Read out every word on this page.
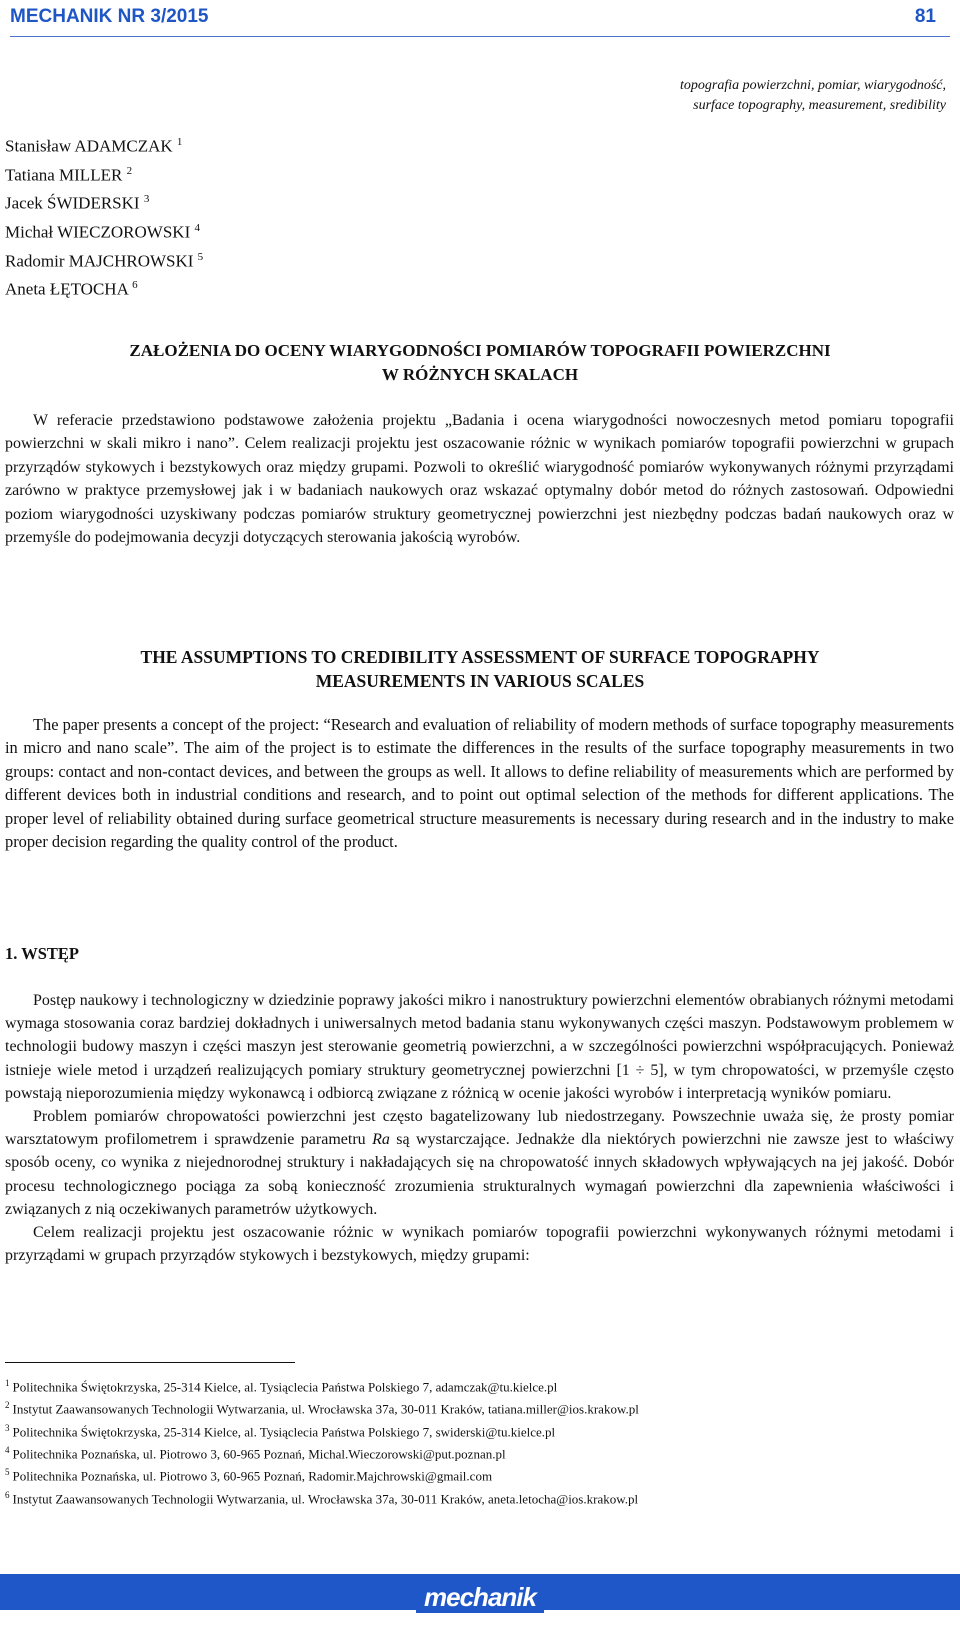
MECHANIK NR 3/2015	81
topografia powierzchni, pomiar, wiarygodność,
surface topography, measurement, sredibility
Stanisław ADAMCZAK $^1$
Tatiana MILLER $^2$
Jacek ŚWIDERSKI $^3$
Michał WIECZOROWSKI $^4$
Radomir MAJCHROWSKI $^5$
Aneta ŁĘTOCHA $^6$
ZAŁOŻENIA DO OCENY WIARYGODNOŚCI POMIARÓW TOPOGRAFII POWIERZCHNI
W RÓŻNYCH SKALACH

W referacie przedstawiono podstawowe założenia projektu „Badania i ocena wiarygodności nowoczesnych metod pomiaru topografii powierzchni w skali mikro i nano”. Celem realizacji projektu jest oszacowanie różnic w wynikach pomiarów topografii powierzchni w grupach przyrządów stykowych i bezstykowych oraz między grupami. Pozwoli to określić wiarygodność pomiarów wykonywanych różnymi przyrządami zarówno w praktyce przemysłowej jak i w badaniach naukowych oraz wskazać optymalny dobór metod do różnych zastosowań. Odpowiedni poziom wiarygodności uzyskiwany podczas pomiarów struktury geometrycznej powierzchni jest niezbędny podczas badań naukowych oraz w przemyśle do podejmowania decyzji dotyczących sterowania jakością wyrobów.

THE ASSUMPTIONS TO CREDIBILITY ASSESSMENT OF SURFACE TOPOGRAPHY
MEASUREMENTS IN VARIOUS SCALES

The paper presents a concept of the project: “Research and evaluation of reliability of modern methods of surface topography measurements in micro and nano scale”. The aim of the project is to estimate the differences in the results of the surface topography measurements in two groups: contact and non-contact devices, and between the groups as well. It allows to define reliability of measurements which are performed by different devices both in industrial conditions and research, and to point out optimal selection of the methods for different applications. The proper level of reliability obtained during surface geometrical structure measurements is necessary during research and in the industry to make proper decision regarding the quality control of the product.

1. WSTĘP

Postęp naukowy i technologiczny w dziedzinie poprawy jakości mikro i nanostruktury powierzchni elementów obrabianych różnymi metodami wymaga stosowania coraz bardziej dokładnych i uniwersalnych metod badania stanu wykonywanych części maszyn. Podstawowym problemem w technologii budowy maszyn i części maszyn jest sterowanie geometrią powierzchni, a w szczególności powierzchni współpracujących. Ponieważ istnieje wiele metod i urządzeń realizujących pomiary struktury geometrycznej powierzchni [1 ÷ 5], w tym chropowatości, w przemyśle często powstają nieporozumienia między wykonawcą i odbiorcą związane z różnicą w ocenie jakości wyrobów i interpretacją wyników pomiaru.

Problem pomiarów chropowatości powierzchni jest często bagatelizowany lub niedostrzegany. Powszechnie uważa się, że prosty pomiar warsztatowym profilometrem i sprawdzenie parametru Ra są wystarczające. Jednakże dla niektórych powierzchni nie zawsze jest to właściwy sposób oceny, co wynika z niejednorodnej struktury i nakładających się na chropowatość innych składowych wpływających na jej jakość. Dobór procesu technologicznego pociąga za sobą konieczność zrozumienia strukturalnych wymagań powierzchni dla zapewnienia właściwości i związanych z nią oczekiwanych parametrów użytkowych.

Celem realizacji projektu jest oszacowanie różnic w wynikach pomiarów topografii powierzchni wykonywanych różnymi metodami i przyrządami w grupach przyrządów stykowych i bezstykowych, między grupami:

$^1$ Politechnika Świętokrzyska, 25-314 Kielce, al. Tysiąclecia Państwa Polskiego 7, adamczak@tu.kielce.pl
$^2$ Instytut Zaawansowanych Technologii Wytwarzania, ul. Wrocławska 37a, 30-011 Kraków, tatiana.miller@ios.krakow.pl
$^3$ Politechnika Świętokrzyska, 25-314 Kielce, al. Tysiąclecia Państwa Polskiego 7, swiderski@tu.kielce.pl
$^4$ Politechnika Poznańska, ul. Piotrowo 3, 60-965 Poznań, Michal.Wieczorowski@put.poznan.pl
$^5$ Politechnika Poznańska, ul. Piotrowo 3, 60-965 Poznań, Radomir.Majchrowski@gmail.com
$^6$ Instytut Zaawansowanych Technologii Wytwarzania, ul. Wrocławska 37a, 30-011 Kraków, aneta.letocha@ios.krakow.pl
mechanik
